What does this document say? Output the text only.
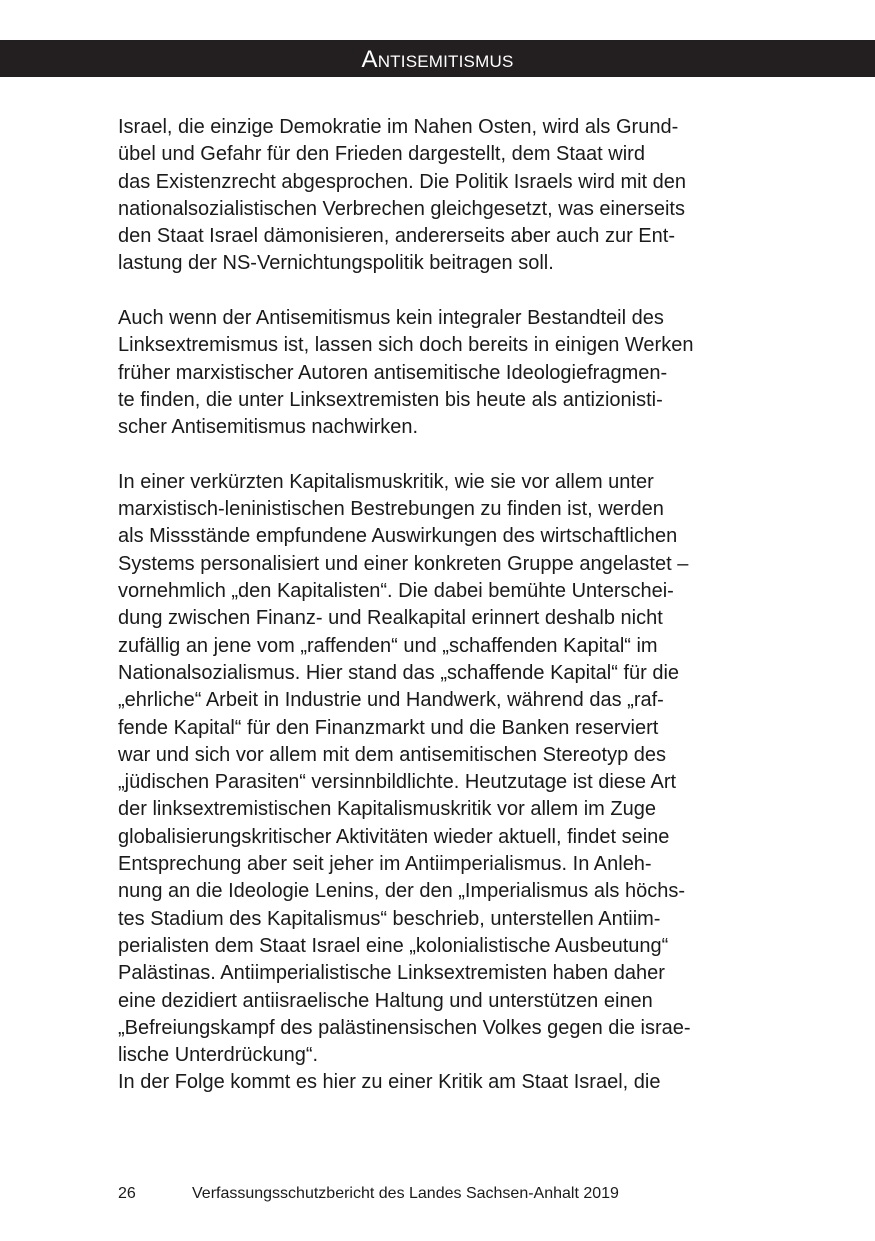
Antisemitismus
Israel, die einzige Demokratie im Nahen Osten, wird als Grund-
übel und Gefahr für den Frieden dargestellt, dem Staat wird
das Existenzrecht abgesprochen. Die Politik Israels wird mit den
nationalsozialistischen Verbrechen gleichgesetzt, was einerseits
den Staat Israel dämonisieren, andererseits aber auch zur Ent-
lastung der NS-Vernichtungspolitik beitragen soll.
Auch wenn der Antisemitismus kein integraler Bestandteil des
Linksextremismus ist, lassen sich doch bereits in einigen Werken
früher marxistischer Autoren antisemitische Ideologiefragmen-
te finden, die unter Linksextremisten bis heute als antizionisti-
scher Antisemitismus nachwirken.
In einer verkürzten Kapitalismuskritik, wie sie vor allem unter
marxistisch-leninistischen Bestrebungen zu finden ist, werden
als Missstände empfundene Auswirkungen des wirtschaftlichen
Systems personalisiert und einer konkreten Gruppe angelastet –
vornehmlich „den Kapitalisten“. Die dabei bemühte Unterschei-
dung zwischen Finanz- und Realkapital erinnert deshalb nicht
zufällig an jene vom „raffenden“ und „schaffenden Kapital“ im
Nationalsozialismus. Hier stand das „schaffende Kapital“ für die
„ehrliche“ Arbeit in Industrie und Handwerk, während das „raf-
fende Kapital“ für den Finanzmarkt und die Banken reserviert
war und sich vor allem mit dem antisemitischen Stereotyp des
„jüdischen Parasiten“ versinnbildlichte. Heutzutage ist diese Art
der linksextremistischen Kapitalismuskritik vor allem im Zuge
globalisierungskritischer Aktivitäten wieder aktuell, findet seine
Entsprechung aber seit jeher im Antiimperialismus. In Anleh-
nung an die Ideologie Lenins, der den „Imperialismus als höchs-
tes Stadium des Kapitalismus“ beschrieb, unterstellen Antiim-
perialisten dem Staat Israel eine „kolonialistische Ausbeutung“
Palästinas. Antiimperialistische Linksextremisten haben daher
eine dezidiert antiisraelische Haltung und unterstützen einen
„Befreiungskampf des palästinensischen Volkes gegen die israe-
lische Unterdrückung“.
In der Folge kommt es hier zu einer Kritik am Staat Israel, die
26	Verfassungsschutzbericht des Landes Sachsen-Anhalt 2019
